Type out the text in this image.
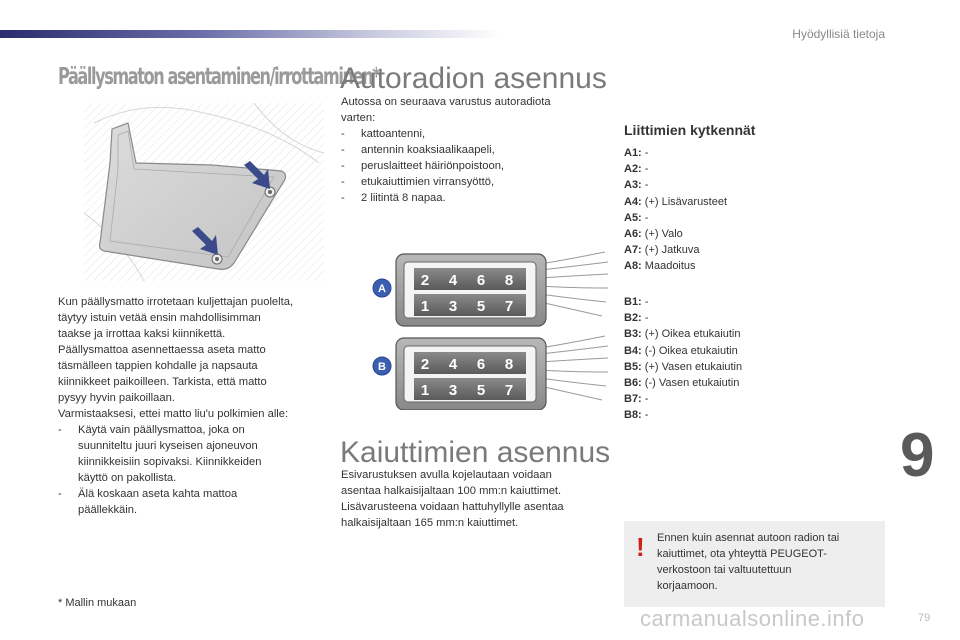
Hyödyllisiä tietoja
Päällysmaton asentaminen/irrottaminen*
Kun päällysmatto irrotetaan kuljettajan puolelta,
täytyy istuin vetää ensin mahdollisimman
taakse ja irrottaa kaksi kiinnikettä.
Päällysmattoa asennettaessa aseta matto
täsmälleen tappien kohdalle ja napsauta
kiinnikkeet paikoilleen. Tarkista, että matto
pysyy hyvin paikoillaan.
Varmistaaksesi, ettei matto liu'u polkimien alle:
-	Käytä vain päällysmattoa, joka on
suunniteltu juuri kyseisen ajoneuvon
kiinnikkeisiin sopivaksi. Kiinnikkeiden
käyttö on pakollista.
-	Älä koskaan aseta kahta mattoa
päällekkäin.
* Mallin mukaan
Autoradion asennus
Autossa on seuraava varustus autoradiota
varten:
-	kattoantenni,
-	antennin koaksiaalikaapeli,
-	peruslaitteet häiriönpoistoon,
-	etukaiuttimien virransyöttö,
-	2 liitintä 8 napaa.
2 4 6 8
1 3 5 7
A
2 4 6 8
1 3 5 7
B
Kaiuttimien asennus
Esivarustuksen avulla kojelautaan voidaan
asentaa halkaisijaltaan 100 mm:n kaiuttimet.
Lisävarusteena voidaan hattuhyllylle asentaa
halkaisijaltaan 165 mm:n kaiuttimet.
Liittimien kytkennät
A1: -
A2: -
A3: -
A4: (+) Lisävarusteet
A5: -
A6: (+) Valo
A7: (+) Jatkuva
A8: Maadoitus
B1: -
B2: -
B3: (+) Oikea etukaiutin
B4: (-) Oikea etukaiutin
B5: (+) Vasen etukaiutin
B6: (-) Vasen etukaiutin
B7: -
B8: -
9
! Ennen kuin asennat autoon radion tai
kaiuttimet, ota yhteyttä PEUGEOT-
verkostoon tai valtuutettuun
korjaamoon.
carmanualsonline.info	79
